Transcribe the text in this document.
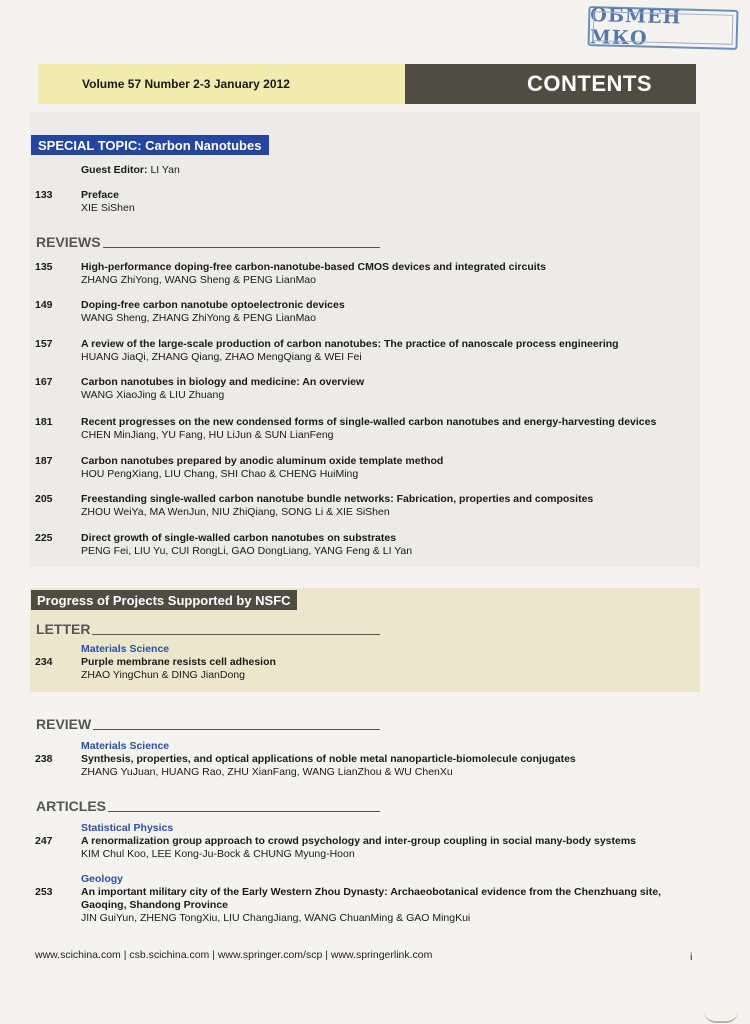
ОБМЕН МКО
Volume 57 Number 2-3 January 2012	CONTENTS
SPECIAL TOPIC: Carbon Nanotubes
Guest Editor: LI Yan
133	Preface
XIE SiShen
REVIEWS
135	High-performance doping-free carbon-nanotube-based CMOS devices and integrated circuits
ZHANG ZhiYong, WANG Sheng & PENG LianMao
149	Doping-free carbon nanotube optoelectronic devices
WANG Sheng, ZHANG ZhiYong & PENG LianMao
157	A review of the large-scale production of carbon nanotubes: The practice of nanoscale process engineering
HUANG JiaQi, ZHANG Qiang, ZHAO MengQiang & WEI Fei
167	Carbon nanotubes in biology and medicine: An overview
WANG XiaoJing & LIU Zhuang
181	Recent progresses on the new condensed forms of single-walled carbon nanotubes and energy-harvesting devices
CHEN MinJiang, YU Fang, HU LiJun & SUN LianFeng
187	Carbon nanotubes prepared by anodic aluminum oxide template method
HOU PengXiang, LIU Chang, SHI Chao & CHENG HuiMing
205	Freestanding single-walled carbon nanotube bundle networks: Fabrication, properties and composites
ZHOU WeiYa, MA WenJun, NIU ZhiQiang, SONG Li & XIE SiShen
225	Direct growth of single-walled carbon nanotubes on substrates
PENG Fei, LIU Yu, CUI RongLi, GAO DongLiang, YANG Feng & LI Yan
Progress of Projects Supported by NSFC
LETTER
Materials Science
234	Purple membrane resists cell adhesion
ZHAO YingChun & DING JianDong
REVIEW
Materials Science
238	Synthesis, properties, and optical applications of noble metal nanoparticle-biomolecule conjugates
ZHANG YuJuan, HUANG Rao, ZHU XianFang, WANG LianZhou & WU ChenXu
ARTICLES
Statistical Physics
247	A renormalization group approach to crowd psychology and inter-group coupling in social many-body systems
KIM Chul Koo, LEE Kong-Ju-Bock & CHUNG Myung-Hoon
Geology
253	An important military city of the Early Western Zhou Dynasty: Archaeobotanical evidence from the Chenzhuang site,
Gaoqing, Shandong Province
JIN GuiYun, ZHENG TongXiu, LIU ChangJiang, WANG ChuanMing & GAO MingKui
www.scichina.com | csb.scichina.com | www.springer.com/scp | www.springerlink.com	i
